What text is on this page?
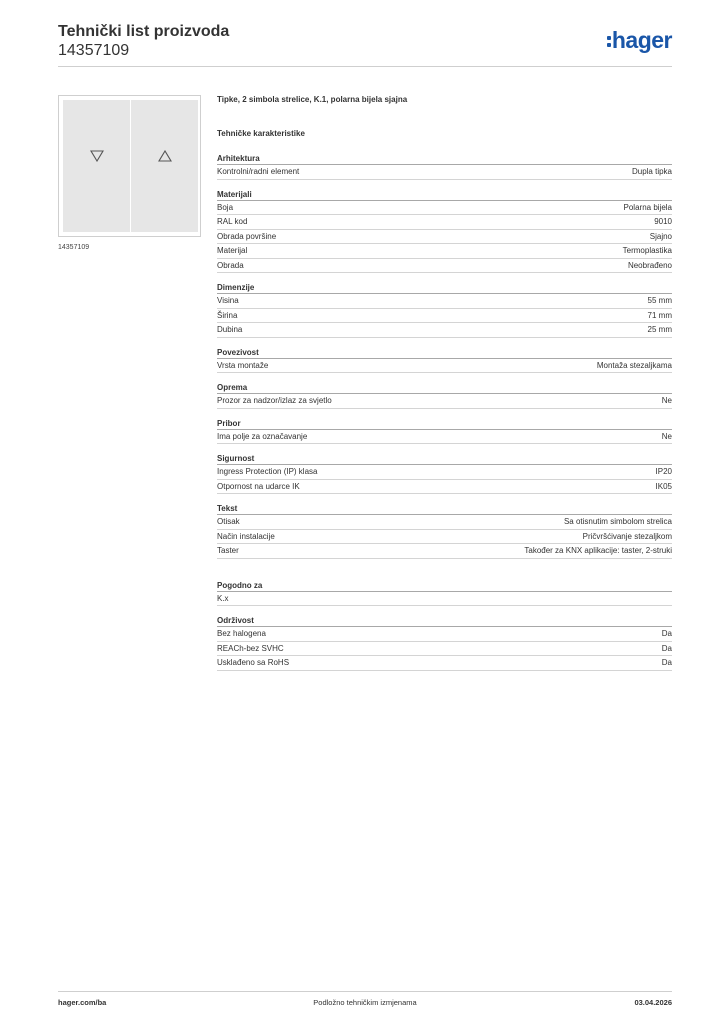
Tehnički list proizvoda
14357109	hager
14357109
Tipke, 2 simbola strelice, K.1, polarna bijela sjajna
Tehničke karakteristike
Arhitektura
Kontrolni/radni element	Dupla tipka
Materijali
Boja	Polarna bijela
RAL kod	9010
Obrada površine	Sjajno
Materijal	Termoplastika
Obrada	Neobrađeno
Dimenzije
Visina	55 mm
Širina	71 mm
Dubina	25 mm
Povezivost
Vrsta montaže	Montaža stezaljkama
Oprema
Prozor za nadzor/izlaz za svjetlo	Ne
Pribor
Ima polje za označavanje	Ne
Sigurnost
Ingress Protection (IP) klasa	IP20
Otpornost na udarce IK	IK05
Tekst
Otisak	Sa otisnutim simbolom strelica
Način instalacije	Pričvršćivanje stezaljkom
Taster	Također za KNX aplikacije: taster, 2-struki
Pogodno za
K.x
Održivost
Bez halogena	Da
REACh-bez SVHC	Da
Usklađeno sa RoHS	Da
hager.com/ba	Podložno tehničkim izmjenama	03.04.2026
